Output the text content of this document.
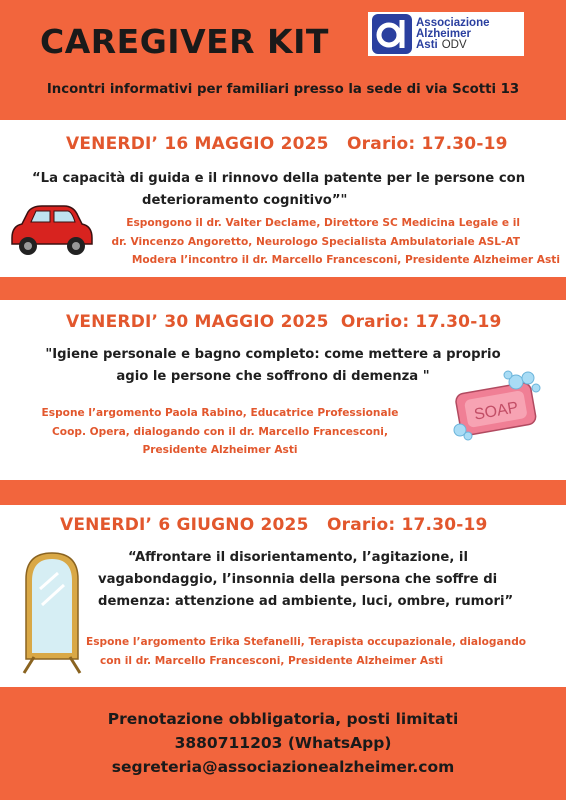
CAREGIVER KIT	Associazione
Alzheimer
Asti ODV
Incontri informativi per familiari presso la sede di via Scotti 13
VENERDI’ 16 MAGGIO 2025   Orario: 17.30-19
“La capacità di guida e il rinnovo della patente per le persone con
deterioramento cognitivo”"
Espongono il dr. Valter Declame, Direttore SC Medicina Legale e il
dr. Vincenzo Angoretto, Neurologo Specialista Ambulatoriale ASL-AT
Modera l’incontro il dr. Marcello Francesconi, Presidente Alzheimer Asti
VENERDI’ 30 MAGGIO 2025  Orario: 17.30-19
"Igiene personale e bagno completo: come mettere a proprio
agio le persone che soffrono di demenza "
Espone l’argomento Paola Rabino, Educatrice Professionale
Coop. Opera, dialogando con il dr. Marcello Francesconi,
Presidente Alzheimer Asti
SOAP
VENERDI’ 6 GIUGNO 2025   Orario: 17.30-19
“Affrontare il disorientamento, l’agitazione, il
vagabondaggio, l’insonnia della persona che soffre di
demenza: attenzione ad ambiente, luci, ombre, rumori”
Espone l’argomento Erika Stefanelli, Terapista occupazionale, dialogando
con il dr. Marcello Francesconi, Presidente Alzheimer Asti
Prenotazione obbligatoria, posti limitati
3880711203 (WhatsApp)
segreteria@associazionealzheimer.com
